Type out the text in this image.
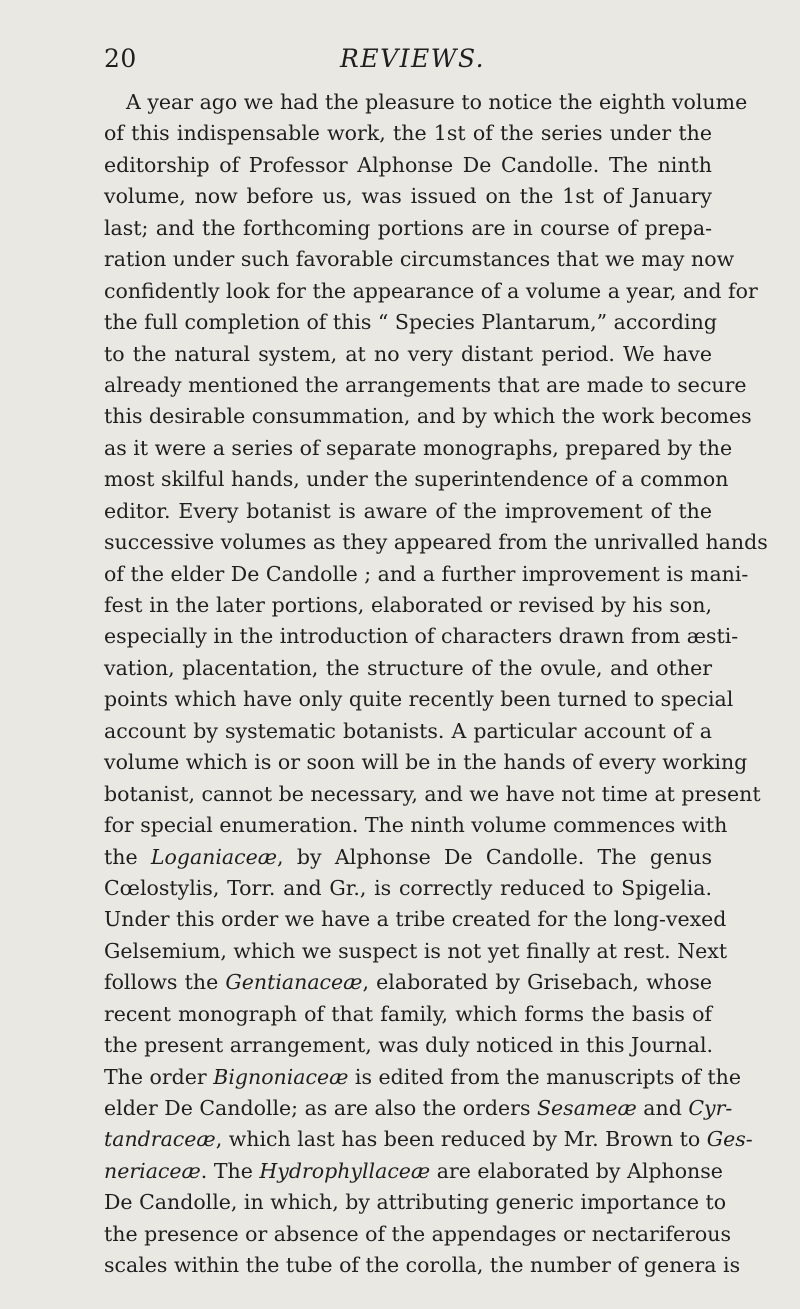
20	REVIEWS.
A year ago we had the pleasure to notice the eighth volume
of this indispensable work, the 1st of the series under the
editorship of Professor Alphonse De Candolle. The ninth
volume, now before us, was issued on the 1st of January
last; and the forthcoming portions are in course of prepa-
ration under such favorable circumstances that we may now
confidently look for the appearance of a volume a year, and for
the full completion of this “ Species Plantarum,” according
to the natural system, at no very distant period. We have
already mentioned the arrangements that are made to secure
this desirable consummation, and by which the work becomes
as it were a series of separate monographs, prepared by the
most skilful hands, under the superintendence of a common
editor. Every botanist is aware of the improvement of the
successive volumes as they appeared from the unrivalled hands
of the elder De Candolle ; and a further improvement is mani-
fest in the later portions, elaborated or revised by his son,
especially in the introduction of characters drawn from æsti-
vation, placentation, the structure of the ovule, and other
points which have only quite recently been turned to special
account by systematic botanists. A particular account of a
volume which is or soon will be in the hands of every working
botanist, cannot be necessary, and we have not time at present
for special enumeration. The ninth volume commences with
the Loganiaceæ, by Alphonse De Candolle. The genus
Cœlostylis, Torr. and Gr., is correctly reduced to Spigelia.
Under this order we have a tribe created for the long-vexed
Gelsemium, which we suspect is not yet finally at rest. Next
follows the Gentianaceæ, elaborated by Grisebach, whose
recent monograph of that family, which forms the basis of
the present arrangement, was duly noticed in this Journal.
The order Bignoniaceæ is edited from the manuscripts of the
elder De Candolle; as are also the orders Sesameæ and Cyr-
tandraceæ, which last has been reduced by Mr. Brown to Ges-
neriaceæ. The Hydrophyllaceæ are elaborated by Alphonse
De Candolle, in which, by attributing generic importance to
the presence or absence of the appendages or nectariferous
scales within the tube of the corolla, the number of genera is
